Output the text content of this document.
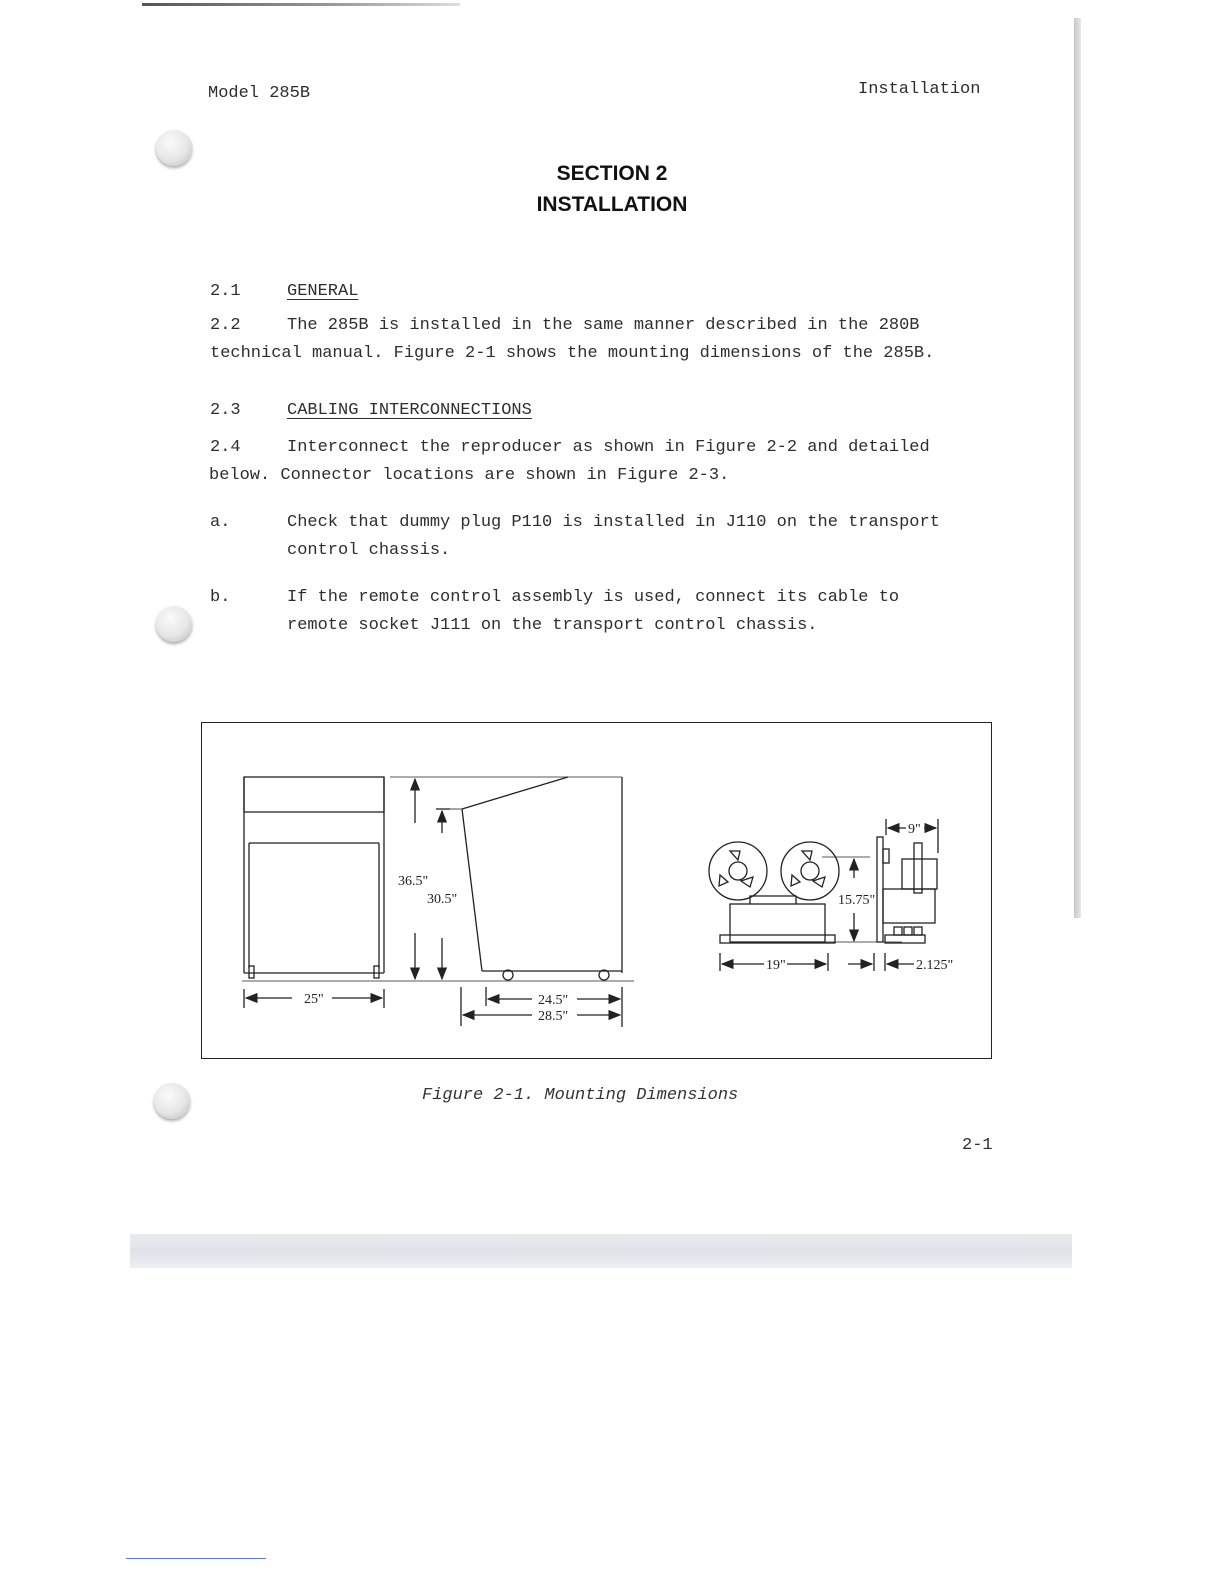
Model 285B	Installation
SECTION 2
INSTALLATION
2.1	GENERAL
2.2	The 285B is installed in the same manner described in the 280B
technical manual. Figure 2-1 shows the mounting dimensions of the 285B.
2.3	CABLING INTERCONNECTIONS
2.4	Interconnect the reproducer as shown in Figure 2-2 and detailed
below. Connector locations are shown in Figure 2-3.
a.	Check that dummy plug P110 is installed in J110 on the transport
control chassis.
b.	If the remote control assembly is used, connect its cable to
remote socket J111 on the transport control chassis.
25"
36.5"
30.5"
24.5"
28.5"
19"
9"
15.75"
2.125"
Figure 2-1. Mounting Dimensions
2-1
